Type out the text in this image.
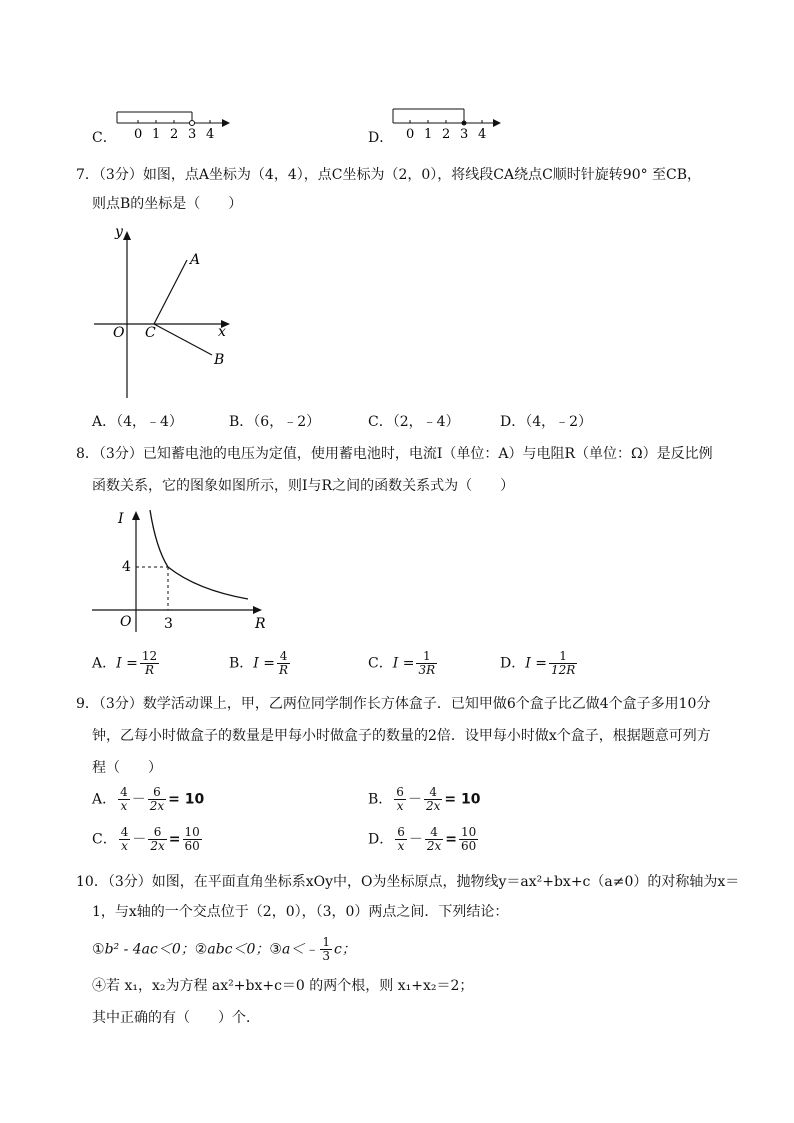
C． 0 1 2 3 4	D． 0 1 2 3 4
7．（3分）如图，点A坐标为（4，4），点C坐标为（2，0），将线段CA绕点C顺时针旋转90° 至CB，
则点B的坐标是（　　）
y
x
O C
A
B
A．（4，﹣4）	B．（6，﹣2）	C．（2，﹣4）	D．（4，﹣2）
8．（3分）已知蓄电池的电压为定值，使用蓄电池时，电流I（单位：A）与电阻R（单位：Ω）是反比例
函数关系，它的图象如图所示，则I与R之间的函数关系式为（　　）
I
R
O
4
3
A．$I = \frac{12}{R}$	B．$I = \frac{4}{R}$	C．$I = \frac{1}{3R}$	D．$I = \frac{1}{12R}$
9．（3分）数学活动课上，甲，乙两位同学制作长方体盒子．已知甲做6个盒子比乙做4个盒子多用10分
钟，乙每小时做盒子的数量是甲每小时做盒子的数量的2倍．设甲每小时做x个盒子，根据题意可列方
程（　　）
A． $\frac{4}{x} - \frac{6}{2x} = 10$	B． $\frac{6}{x} - \frac{4}{2x} = 10$
C． $\frac{4}{x} - \frac{6}{2x} = \frac{10}{60}$	D． $\frac{6}{x} - \frac{4}{2x} = \frac{10}{60}$
10．（3分）如图，在平面直角坐标系xOy中，O为坐标原点，抛物线y＝ax²+bx+c（a≠0）的对称轴为x＝
1，与x轴的一个交点位于（2，0），（3，0）两点之间．下列结论：
①b² - 4ac＜0；②abc＜0；③a＜﹣ $\frac{1}{3}$ c；
④若 x₁，x₂为方程 ax²+bx+c＝0 的两个根，则 x₁+x₂＝2；
其中正确的有（　　）个．
